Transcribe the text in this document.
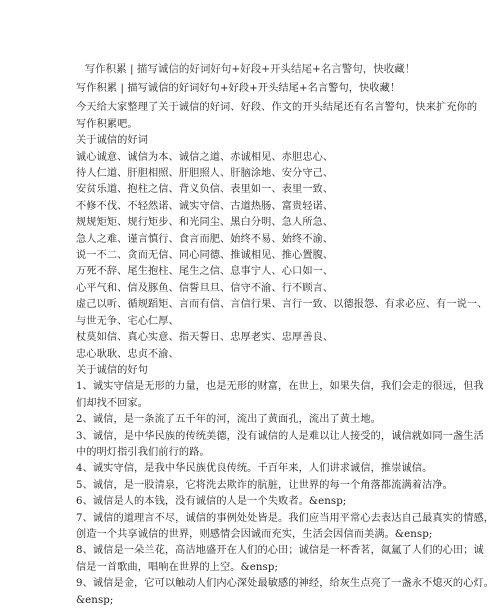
写作积累 | 描写诚信的好词好句+好段+开头结尾+名言警句，快收藏！
写作积累 | 描写诚信的好词好句+好段+开头结尾+名言警句，快收藏！
今天给大家整理了关于诚信的好词、好段、作文的开头结尾还有名言警句，快来扩充你的
写作积累吧。
关于诚信的好词
诚心诚意、诚信为本、诚信之道、赤诚相见、赤胆忠心、
待人仁道、肝胆相照、肝胆照人、肝脑涂地、安分守己、
安贫乐道、抱柱之信、背义负信、表里如一、表里一致、
不修不伐、不轻然诺、诚实守信、古道热肠、富贵轻诺、
规规矩矩、规行矩步、和光同尘、黑白分明、急人所急、
急人之难、谨言慎行、食言而肥、始终不易、始终不渝、
说一不二、贪而无信、同心同德、推诚相见、推心置腹、
万死不辞、尾生抱柱、尾生之信、息事宁人、心口如一、
心平气和、信及豚鱼、信誓旦旦、信守不渝、行不顾言、
虚己以听、循规蹈矩、言而有信、言信行果、言行一致、以德报怨、有求必应、有一说一、
与世无争、宅心仁厚、
杖莫如信、真心实意、指天誓日、忠厚老实、忠厚善良、
忠心耿耿、忠贞不渝、
关于诚信的好句
1、诚实守信是无形的力量，也是无形的财富，在世上，如果失信，我们会走的很远，但我
们却找不回家。
2、诚信，是一条流了五千年的河，流出了黄面孔，流出了黄土地。
3、诚信，是中华民族的传统美德，没有诚信的人是难以让人接受的，诚信就如同一盏生活
中的明灯指引我们前行的路。
4、诚实守信，是我中华民族优良传统。千百年来，人们讲求诚信，推崇诚信。
5、诚信，是一股清泉，它将洗去欺诈的肮脏，让世界的每一个角落都流满着洁净。
6、诚信是人的本钱，没有诚信的人是一个失败者。&ensp;
7、诚信的道理言不尽，诚信的事例处处皆是。我们应当用平常心去表达自己最真实的情感，
创造一个共享诚信的世界，则感情会因诚而充实，生活会因信而美满。&ensp;
8、诚信是一朵兰花，高洁地盛开在人们的心田；诚信是一杯香茗，氤氲了人们的心田；诚
信是一首歌曲，唱响在世界的上空。&ensp;
9、诚信是金，它可以触动人们内心深处最敏感的神经，给灰生点亮了一盏永不熄灭的心灯。
&ensp;
